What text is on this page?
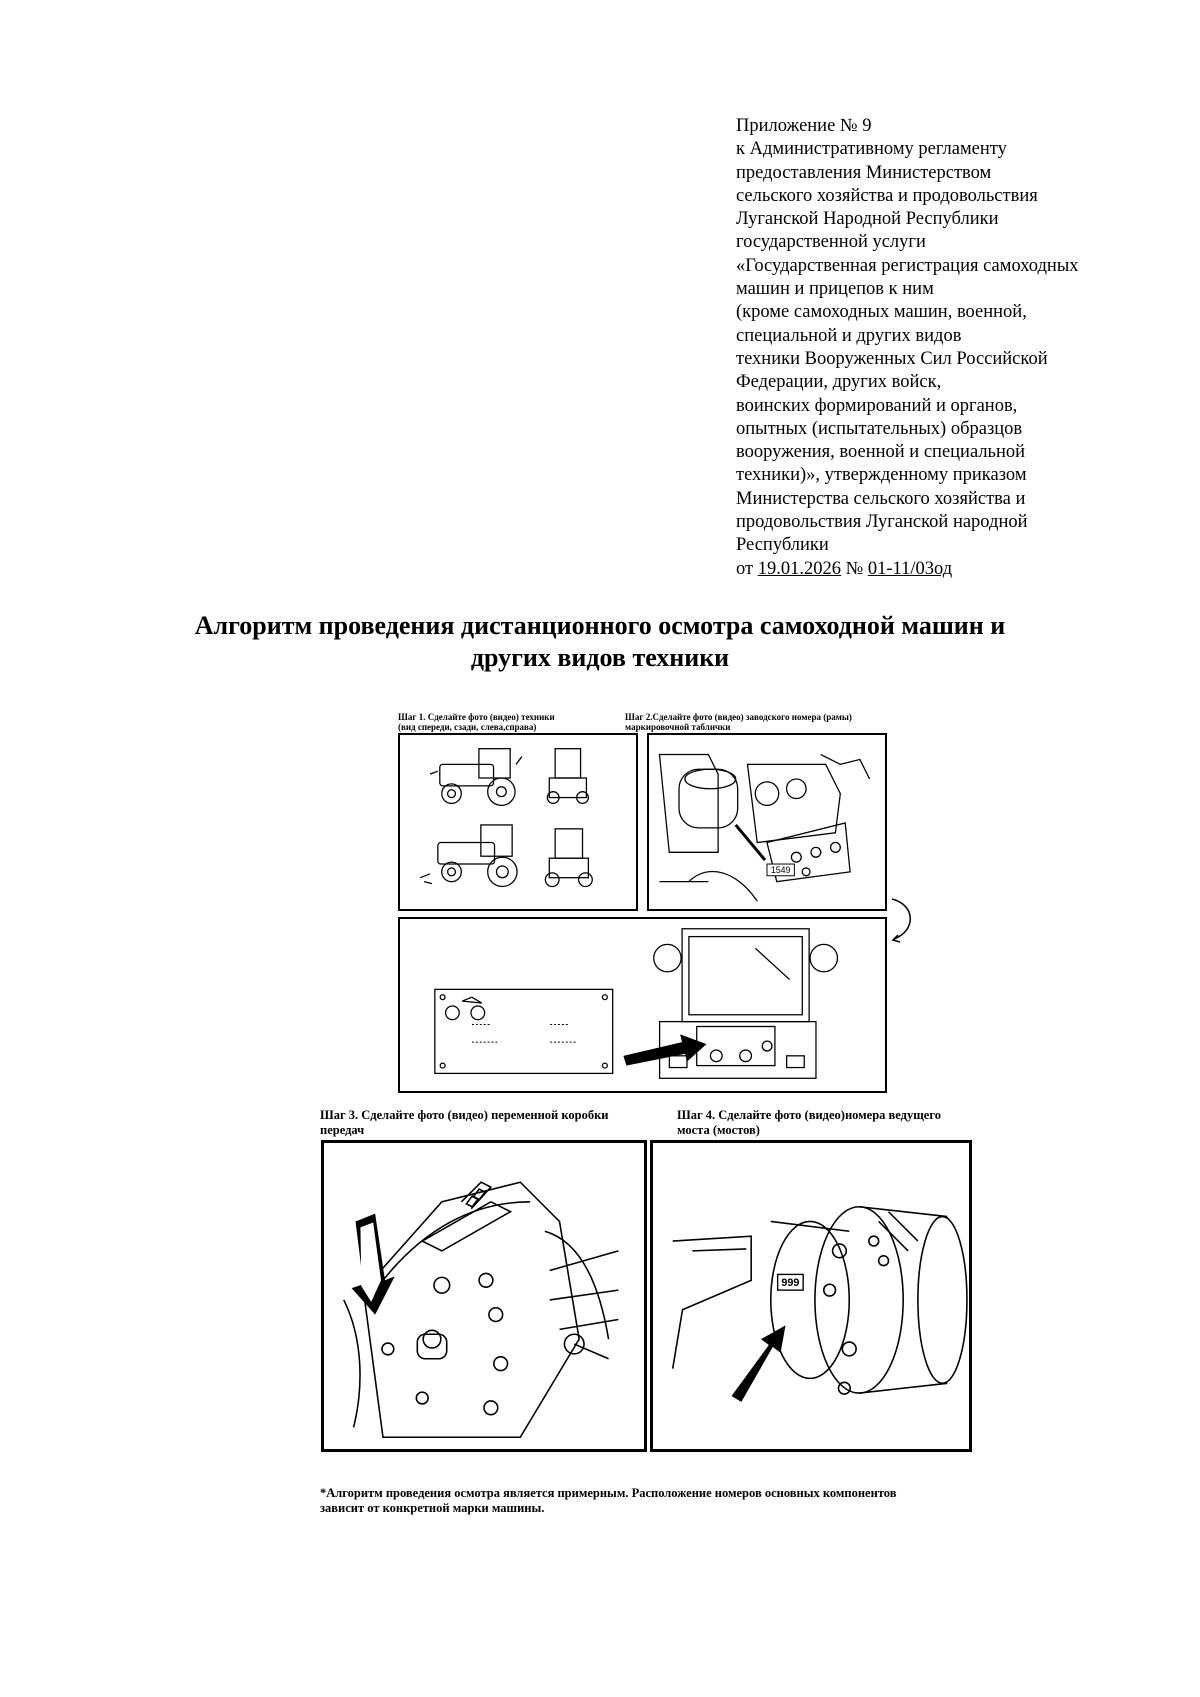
Приложение № 9
к Административному регламенту
предоставления Министерством
сельского хозяйства и продовольствия
Луганской Народной Республики
государственной услуги
«Государственная регистрация самоходных
машин и прицепов к ним
(кроме самоходных машин, военной,
специальной и других видов
техники Вооруженных Сил Российской
Федерации, других войск,
воинских формирований и органов,
опытных (испытательных) образцов
вооружения, военной и специальной
техники)», утвержденному приказом
Министерства сельского хозяйства и
продовольствия Луганской народной
Республики
от 19.01.2026 № 01-11/03од
Алгоритм проведения дистанционного осмотра самоходной машин и
других видов техники
Шаг 1. Сделайте фото (видео) техники
(вид спереди, сзади, слева,справа)
Шаг 2.Сделайте фото (видео) заводского номера (рамы)
маркировочной таблички
1549
Шаг 3. Сделайте фото (видео) переменной коробки
передач
Шаг 4. Сделайте фото (видео)номера ведущего
моста (мостов)
999
*Алгоритм проведения осмотра является примерным. Расположение номеров основных компонентов
зависит от конкретной марки машины.
